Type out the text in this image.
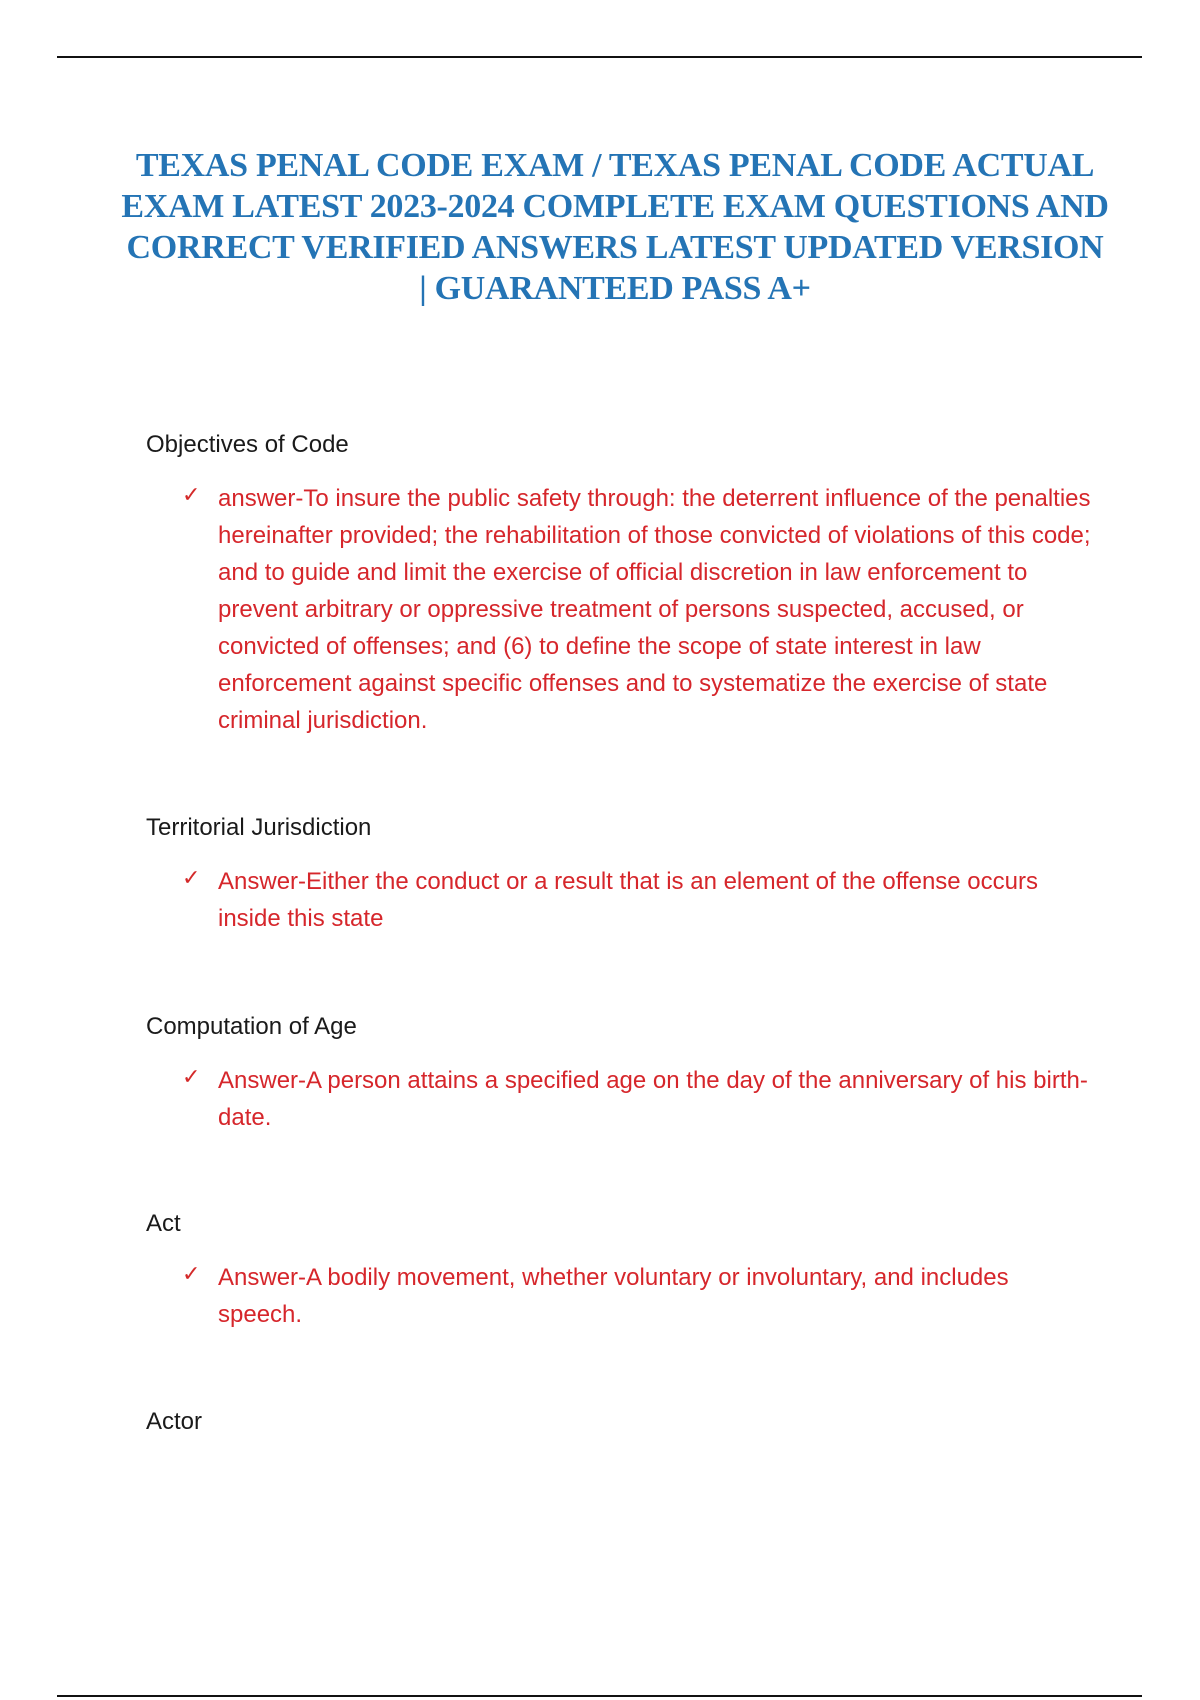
TEXAS PENAL CODE EXAM / TEXAS PENAL CODE ACTUAL EXAM LATEST 2023-2024 COMPLETE EXAM QUESTIONS AND CORRECT VERIFIED ANSWERS LATEST UPDATED VERSION | GUARANTEED PASS A+

Objectives of Code

✓ answer-To insure the public safety through: the deterrent influence of the penalties hereinafter provided; the rehabilitation of those convicted of violations of this code; and to guide and limit the exercise of official discretion in law enforcement to prevent arbitrary or oppressive treatment of persons suspected, accused, or convicted of offenses; and (6) to define the scope of state interest in law enforcement against specific offenses and to systematize the exercise of state criminal jurisdiction.

Territorial Jurisdiction

✓ Answer-Either the conduct or a result that is an element of the offense occurs inside this state

Computation of Age

✓ Answer-A person attains a specified age on the day of the anniversary of his birth-date.

Act

✓ Answer-A bodily movement, whether voluntary or involuntary, and includes speech.

Actor
